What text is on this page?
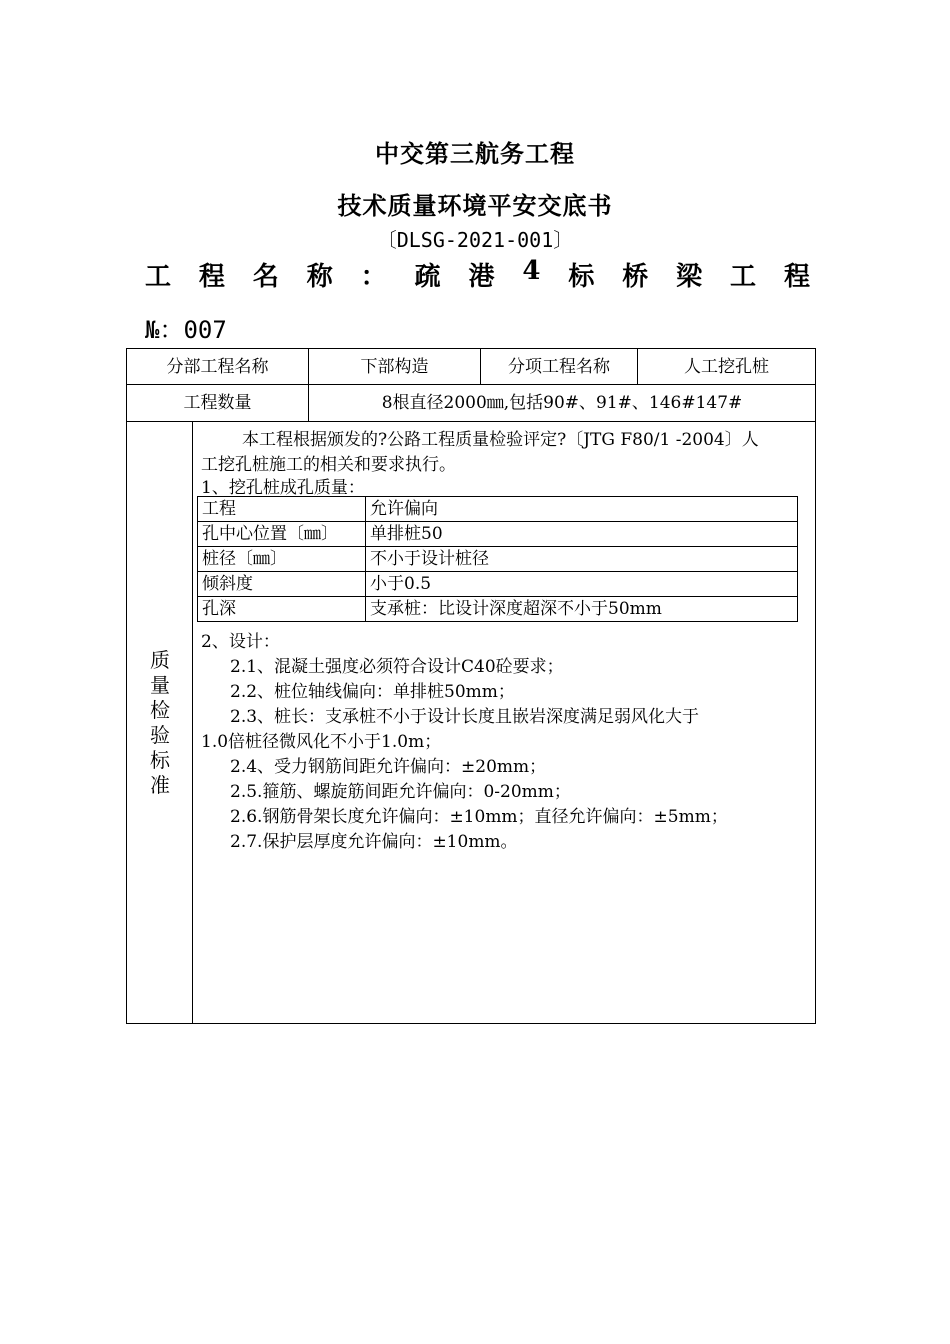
中交第三航务工程
技术质量环境平安交底书
〔DLSG-2021-001〕
工 程 名 称 ： 疏 港 4 标 桥 梁 工 程
№：007
分部工程名称	下部构造	分项工程名称	人工挖孔桩
工程数量	8根直径2000㎜,包括90#、91#、146#147#
质
量
检
验
标
准
本工程根据颁发的?公路工程质量检验评定?〔JTG F80/1 -2004〕人
工挖孔桩施工的相关和要求执行。
1、挖孔桩成孔质量：
工程	允许偏向
孔中心位置〔㎜〕	单排桩50
桩径〔㎜〕	不小于设计桩径
倾斜度	小于0.5
孔深	支承桩：比设计深度超深不小于50mm
2、设计：
2.1、混凝土强度必须符合设计C40砼要求；
2.2、桩位轴线偏向：单排桩50mm；
2.3、桩长：支承桩不小于设计长度且嵌岩深度满足弱风化大于
1.0倍桩径微风化不小于1.0m；
2.4、受力钢筋间距允许偏向：±20mm；
2.5.箍筋、螺旋筋间距允许偏向：0-20mm；
2.6.钢筋骨架长度允许偏向：±10mm；直径允许偏向：±5mm；
2.7.保护层厚度允许偏向：±10mm。
